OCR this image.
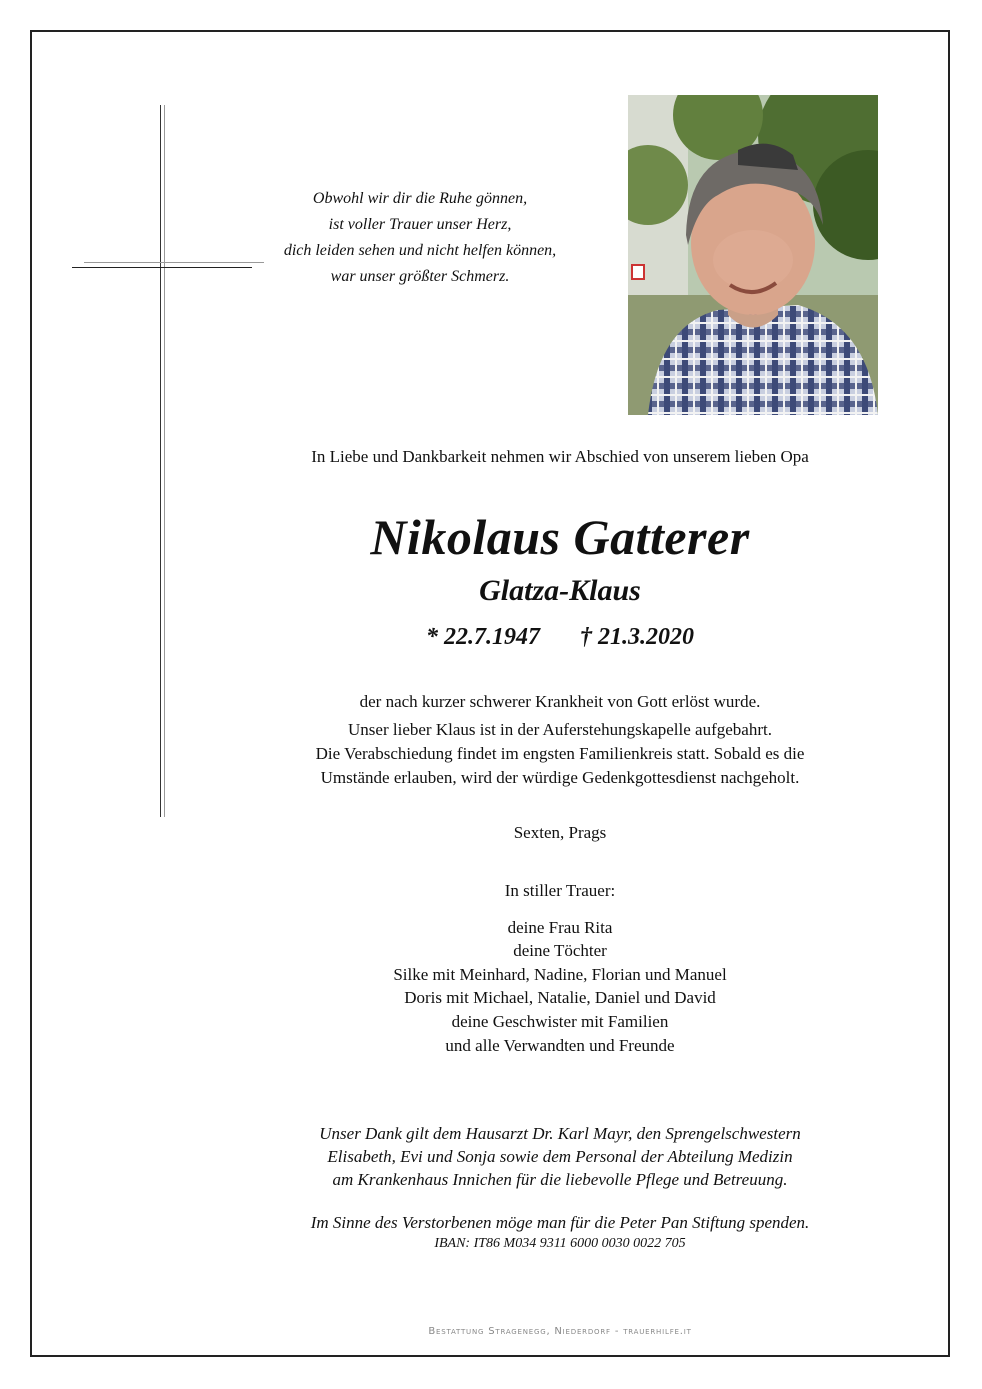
Obwohl wir dir die Ruhe gönnen,
ist voller Trauer unser Herz,
dich leiden sehen und nicht helfen können,
war unser größter Schmerz.
In Liebe und Dankbarkeit nehmen wir Abschied von unserem lieben Opa
Nikolaus Gatterer
Glatza-Klaus
* 22.7.1947 † 21.3.2020
der nach kurzer schwerer Krankheit von Gott erlöst wurde.
Unser lieber Klaus ist in der Auferstehungskapelle aufgebahrt.
Die Verabschiedung findet im engsten Familienkreis statt. Sobald es die
Umstände erlauben, wird der würdige Gedenkgottesdienst nachgeholt.
Sexten, Prags
In stiller Trauer:
deine Frau Rita
deine Töchter
Silke mit Meinhard, Nadine, Florian und Manuel
Doris mit Michael, Natalie, Daniel und David
deine Geschwister mit Familien
und alle Verwandten und Freunde
Unser Dank gilt dem Hausarzt Dr. Karl Mayr, den Sprengelschwestern
Elisabeth, Evi und Sonja sowie dem Personal der Abteilung Medizin
am Krankenhaus Innichen für die liebevolle Pflege und Betreuung.
Im Sinne des Verstorbenen möge man für die Peter Pan Stiftung spenden.
IBAN: IT86 M034 9311 6000 0030 0022 705
Bestattung Stragenegg, Niederdorf - trauerhilfe.it
